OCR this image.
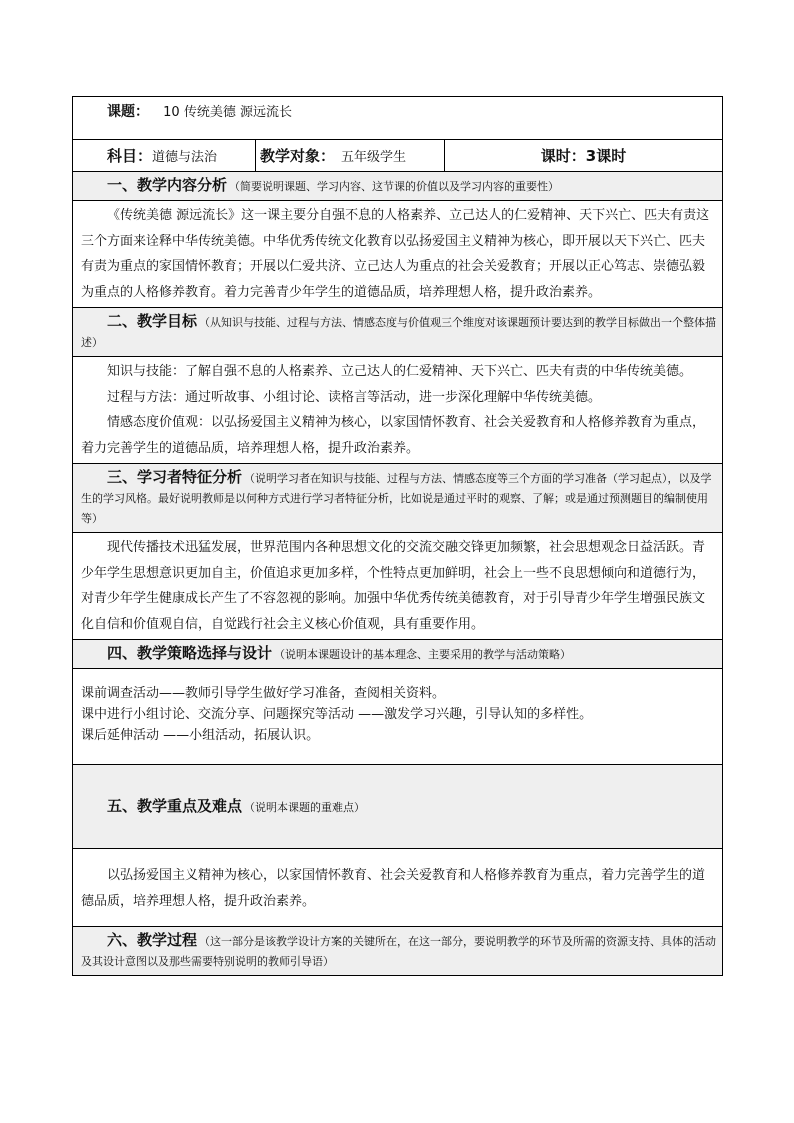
课题： 10 传统美德 源远流长
科目： 道德与法治	教学对象： 五年级学生	课时：3课时
一、教学内容分析 （简要说明课题、学习内容、这节课的价值以及学习内容的重要性）

《传统美德 源远流长》这一课主要分自强不息的人格素养、立己达人的仁爱精神、天下兴亡、匹夫有责这三个方面来诠释中华传统美德。中华优秀传统文化教育以弘扬爱国主义精神为核心，即开展以天下兴亡、匹夫有责为重点的家国情怀教育；开展以仁爱共济、立己达人为重点的社会关爱教育；开展以正心笃志、崇德弘毅为重点的人格修养教育。着力完善青少年学生的道德品质，培养理想人格，提升政治素养。

二、教学目标 （从知识与技能、过程与方法、情感态度与价值观三个维度对该课题预计要达到的教学目标做出一个整体描述）

知识与技能：了解自强不息的人格素养、立己达人的仁爱精神、天下兴亡、匹夫有责的中华传统美德。

过程与方法：通过听故事、小组讨论、读格言等活动，进一步深化理解中华传统美德。

情感态度价值观：以弘扬爱国主义精神为核心，以家国情怀教育、社会关爱教育和人格修养教育为重点，着力完善学生的道德品质，培养理想人格，提升政治素养。

三、学习者特征分析 （说明学习者在知识与技能、过程与方法、情感态度等三个方面的学习准备（学习起点），以及学生的学习风格。最好说明教师是以何种方式进行学习者特征分析，比如说是通过平时的观察、了解；或是通过预测题目的编制使用等）

现代传播技术迅猛发展，世界范围内各种思想文化的交流交融交锋更加频繁，社会思想观念日益活跃。青少年学生思想意识更加自主，价值追求更加多样，个性特点更加鲜明，社会上一些不良思想倾向和道德行为，对青少年学生健康成长产生了不容忽视的影响。加强中华优秀传统美德教育，对于引导青少年学生增强民族文化自信和价值观自信，自觉践行社会主义核心价值观，具有重要作用。

四、教学策略选择与设计 （说明本课题设计的基本理念、主要采用的教学与活动策略）

课前调查活动——教师引导学生做好学习准备，查阅相关资料。

课中进行小组讨论、交流分享、问题探究等活动 ——激发学习兴趣，引导认知的多样性。

课后延伸活动 ——小组活动，拓展认识。

五、教学重点及难点 （说明本课题的重难点）

以弘扬爱国主义精神为核心，以家国情怀教育、社会关爱教育和人格修养教育为重点，着力完善学生的道德品质，培养理想人格，提升政治素养。

六、教学过程 （这一部分是该教学设计方案的关键所在，在这一部分，要说明教学的环节及所需的资源支持、具体的活动及其设计意图以及那些需要特别说明的教师引导语）
